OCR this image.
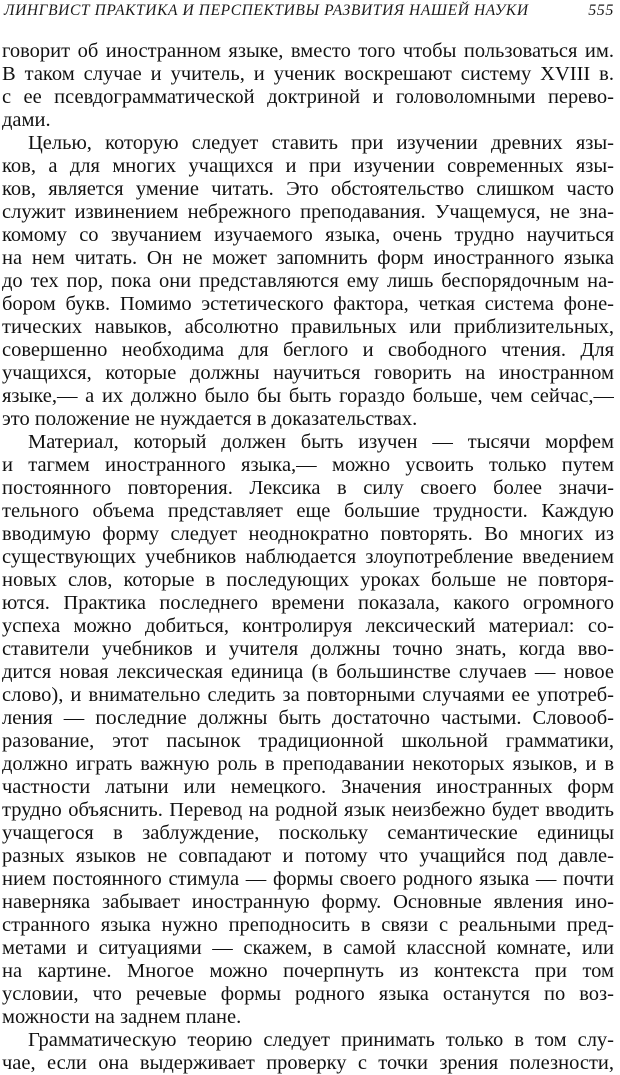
ЛИНГВИСТ ПРАКТИКА И ПЕРСПЕКТИВЫ РАЗВИТИЯ НАШЕЙ НАУКИ	555
говорит об иностранном языке, вместо того чтобы пользоваться им.
В таком случае и учитель, и ученик воскрешают систему XVIII в.
с ее псевдограмматической доктриной и головоломными перево-
дами.
Целью, которую следует ставить при изучении древних язы-
ков, а для многих учащихся и при изучении современных язы-
ков, является умение читать. Это обстоятельство слишком часто
служит извинением небрежного преподавания. Учащемуся, не зна-
комому со звучанием изучаемого языка, очень трудно научиться
на нем читать. Он не может запомнить форм иностранного языка
до тех пор, пока они представляются ему лишь беспорядочным на-
бором букв. Помимо эстетического фактора, четкая система фоне-
тических навыков, абсолютно правильных или приблизительных,
совершенно необходима для беглого и свободного чтения. Для
учащихся, которые должны научиться говорить на иностранном
языке,— а их должно было бы быть гораздо больше, чем сейчас,—
это положение не нуждается в доказательствах.
Материал, который должен быть изучен — тысячи морфем
и тагмем иностранного языка,— можно усвоить только путем
постоянного повторения. Лексика в силу своего более значи-
тельного объема представляет еще большие трудности. Каждую
вводимую форму следует неоднократно повторять. Во многих из
существующих учебников наблюдается злоупотребление введением
новых слов, которые в последующих уроках больше не повторя-
ются. Практика последнего времени показала, какого огромного
успеха можно добиться, контролируя лексический материал: со-
ставители учебников и учителя должны точно знать, когда вво-
дится новая лексическая единица (в большинстве случаев — новое
слово), и внимательно следить за повторными случаями ее употреб-
ления — последние должны быть достаточно частыми. Словооб-
разование, этот пасынок традиционной школьной грамматики,
должно играть важную роль в преподавании некоторых языков, и в
частности латыни или немецкого. Значения иностранных форм
трудно объяснить. Перевод на родной язык неизбежно будет вводить
учащегося в заблуждение, поскольку семантические единицы
разных языков не совпадают и потому что учащийся под давле-
нием постоянного стимула — формы своего родного языка — почти
наверняка забывает иностранную форму. Основные явления ино-
странного языка нужно преподносить в связи с реальными пред-
метами и ситуациями — скажем, в самой классной комнате, или
на картине. Многое можно почерпнуть из контекста при том
условии, что речевые формы родного языка останутся по воз-
можности на заднем плане.
Грамматическую теорию следует принимать только в том слу-
чае, если она выдерживает проверку с точки зрения полезности,
